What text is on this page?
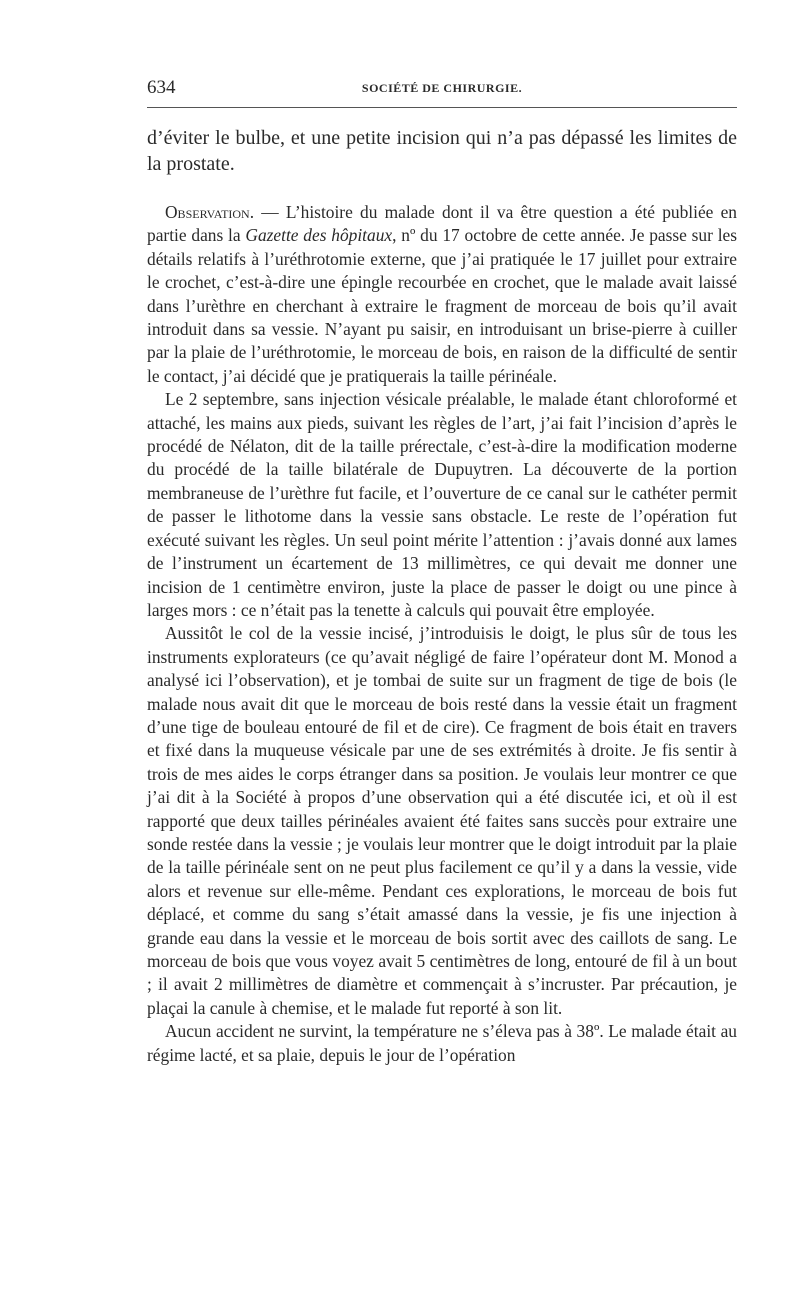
634	SOCIÉTÉ DE CHIRURGIE.
d’éviter le bulbe, et une petite incision qui n’a pas dépassé les limites de la prostate.

Observation. — L’histoire du malade dont il va être question a été publiée en partie dans la Gazette des hôpitaux, nº du 17 octobre de cette année. Je passe sur les détails relatifs à l’uréthrotomie externe, que j’ai pratiquée le 17 juillet pour extraire le crochet, c’est-à-dire une épingle recourbée en crochet, que le malade avait laissé dans l’urèthre en cherchant à extraire le fragment de morceau de bois qu’il avait introduit dans sa vessie. N’ayant pu saisir, en introduisant un brise-pierre à cuiller par la plaie de l’uréthrotomie, le morceau de bois, en raison de la difficulté de sentir le contact, j’ai décidé que je pratiquerais la taille périnéale.

Le 2 septembre, sans injection vésicale préalable, le malade étant chloroformé et attaché, les mains aux pieds, suivant les règles de l’art, j’ai fait l’incision d’après le procédé de Nélaton, dit de la taille prérectale, c’est-à-dire la modification moderne du procédé de la taille bilatérale de Dupuytren. La découverte de la portion membraneuse de l’urèthre fut facile, et l’ouverture de ce canal sur le cathéter permit de passer le lithotome dans la vessie sans obstacle. Le reste de l’opération fut exécuté suivant les règles. Un seul point mérite l’attention : j’avais donné aux lames de l’instrument un écartement de 13 millimètres, ce qui devait me donner une incision de 1 centimètre environ, juste la place de passer le doigt ou une pince à larges mors : ce n’était pas la tenette à calculs qui pouvait être employée.

Aussitôt le col de la vessie incisé, j’introduisis le doigt, le plus sûr de tous les instruments explorateurs (ce qu’avait négligé de faire l’opérateur dont M. Monod a analysé ici l’observation), et je tombai de suite sur un fragment de tige de bois (le malade nous avait dit que le morceau de bois resté dans la vessie était un fragment d’une tige de bouleau entouré de fil et de cire). Ce fragment de bois était en travers et fixé dans la muqueuse vésicale par une de ses extrémités à droite. Je fis sentir à trois de mes aides le corps étranger dans sa position. Je voulais leur montrer ce que j’ai dit à la Société à propos d’une observation qui a été discutée ici, et où il est rapporté que deux tailles périnéales avaient été faites sans succès pour extraire une sonde restée dans la vessie ; je voulais leur montrer que le doigt introduit par la plaie de la taille périnéale sent on ne peut plus facilement ce qu’il y a dans la vessie, vide alors et revenue sur elle-même. Pendant ces explorations, le morceau de bois fut déplacé, et comme du sang s’était amassé dans la vessie, je fis une injection à grande eau dans la vessie et le morceau de bois sortit avec des caillots de sang. Le morceau de bois que vous voyez avait 5 centimètres de long, entouré de fil à un bout ; il avait 2 millimètres de diamètre et commençait à s’incruster. Par précaution, je plaçai la canule à chemise, et le malade fut reporté à son lit.

Aucun accident ne survint, la température ne s’éleva pas à 38º. Le malade était au régime lacté, et sa plaie, depuis le jour de l’opération
